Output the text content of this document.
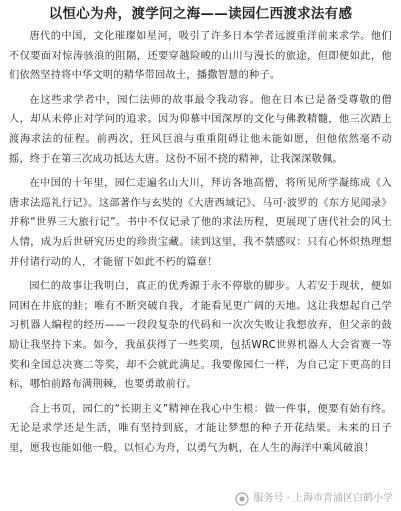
以恒心为舟，渡学问之海——读园仁西渡求法有感

唐代的中国，文化璀璨如星河，吸引了许多日本学者远渡重洋前来求学。他们不仅要面对惊涛骇浪的阻隔，还要穿越险峻的山川与漫长的旅途，但即便如此，他们依然坚持将中华文明的精华带回故土，播撒智慧的种子。

在这些求学者中，园仁法师的故事最令我动容。他在日本已是备受尊敬的僧人，却从未停止对学问的追求。因为仰慕中国深厚的文化与佛教精髓，他三次踏上渡海求法的征程。前两次，狂风巨浪与重重阻碍让他未能如愿，但他依然毫不动摇，终于在第三次成功抵达大唐。这份不屈不挠的精神，让我深深敬佩。

在中国的十年里，园仁走遍名山大川，拜访各地高僧，将所见所学凝练成《入唐求法巡礼行记》。这部著作与玄奘的《大唐西域记》、马可·波罗的《东方见闻录》并称“世界三大旅行记”。书中不仅记录了他的求法历程，更展现了唐代社会的风土人情，成为后世研究历史的珍贵宝藏。读到这里，我不禁感叹：只有心怀炽热理想并付诸行动的人，才能留下如此不朽的篇章！

园仁的故事让我明白，真正的优秀源于永不停歇的脚步。人若安于现状，便如同困在井底的蛙；唯有不断突破自我，才能看见更广阔的天地。这让我想起自己学习机器人编程的经历——一段段复杂的代码和一次次失败让我想放弃，但父亲的鼓励让我坚持下来。如今，我虽获得了一些奖项，包括WRC世界机器人大会省赛一等奖和全国总决赛二等奖，却不会就此满足。我要像园仁一样，为自己定下更高的目标，哪怕前路布满荆棘，也要勇敢前行。

合上书页，园仁的“长期主义”精神在我心中生根：做一件事，便要有始有终。无论是求学还是生活，唯有坚持到底，才能让梦想的种子开花结果。未来的日子里，愿我也能如他一般，以恒心为舟，以勇气为帆，在人生的海洋中乘风破浪！

服务号 · 上海市青浦区白鹤小学
